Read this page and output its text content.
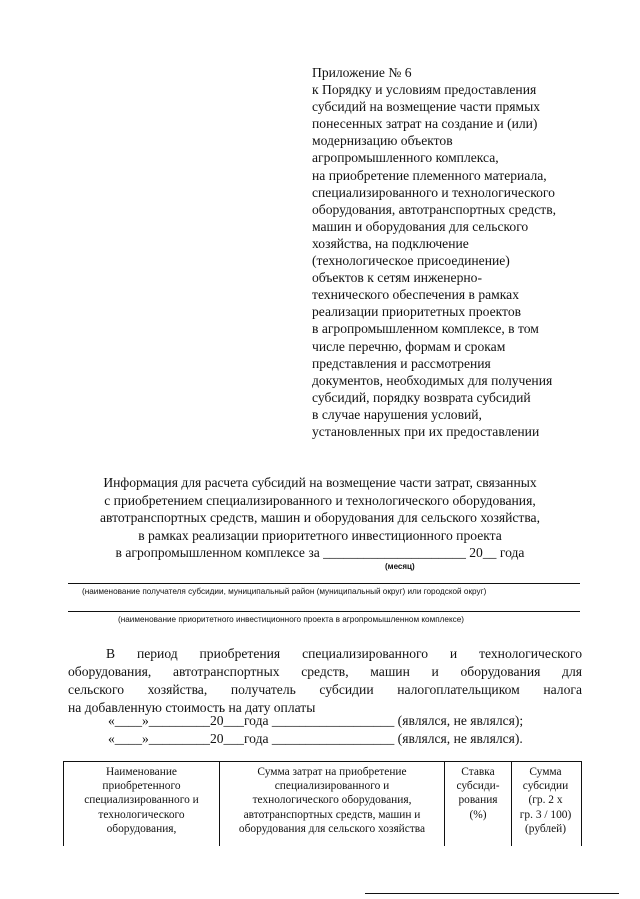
Приложение № 6
к Порядку и условиям предоставления
субсидий на возмещение части прямых
понесенных затрат на создание и (или)
модернизацию объектов
агропромышленного комплекса,
на приобретение племенного материала,
специализированного и технологического
оборудования, автотранспортных средств,
машин и оборудования для сельского
хозяйства, на подключение
(технологическое присоединение)
объектов к сетям инженерно-
технического обеспечения в рамках
реализации приоритетных проектов
в агропромышленном комплексе, в том
числе перечню, формам и срокам
представления и рассмотрения
документов, необходимых для получения
субсидий, порядку возврата субсидий
в случае нарушения условий,
установленных при их предоставлении
Информация для расчета субсидий на возмещение части затрат, связанных
с приобретением специализированного и технологического оборудования,
автотранспортных средств, машин и оборудования для сельского хозяйства,
в рамках реализации приоритетного инвестиционного проекта
в агропромышленном комплексе за _____________________ 20__ года
(месяц)
(наименование получателя субсидии, муниципальный район (муниципальный округ) или городской округ)
(наименование приоритетного инвестиционного проекта в агропромышленном комплексе)
В период приобретения специализированного и технологического
оборудования, автотранспортных средств, машин и оборудования для
сельского хозяйства, получатель субсидии налогоплательщиком налога
на добавленную стоимость на дату оплаты
«____»_________20___года __________________ (являлся, не являлся);
«____»_________20___года __________________ (являлся, не являлся).
Наименование
приобретенного
специализированного и
технологического
оборудования,
Сумма затрат на приобретение
специализированного и
технологического оборудования,
автотранспортных средств, машин и
оборудования для сельского хозяйства
Ставка
субсиди-
рования
(%)
Сумма
субсидии
(гр. 2 х
гр. 3 / 100)
(рублей)
